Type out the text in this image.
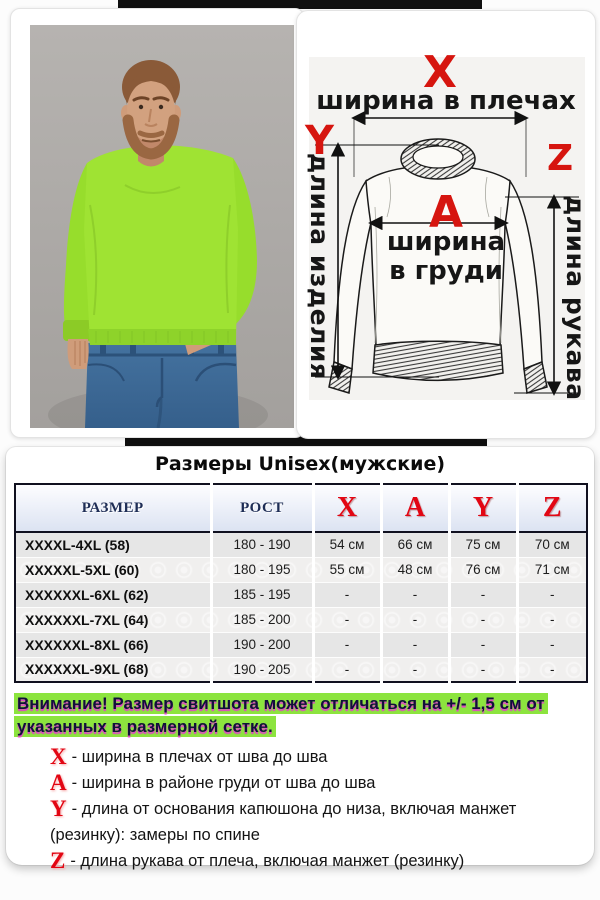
X
ширина в плечах
Y
длина изделия	Z
длина рукава
A
ширина
в груди
Размеры Unisex(мужские)
РАЗМЕР	РОСТ	X	A	Y	Z
XXXXL-4XL (58)	180 - 190	54 см	66 см	75 см	70 см
XXXXXL-5XL (60)	180 - 195	55 см	48 см	76 см	71 см
XXXXXXL-6XL (62)	185 - 195	-	-	-	-
XXXXXXL-7XL (64)	185 - 200	-	-	-	-
XXXXXXL-8XL (66)	190 - 200	-	-	-	-
XXXXXXL-9XL (68)	190 - 205	-	-	-	-
Внимание! Размер свитшота может отличаться на +/- 1,5 см от указанных в размерной сетке.
X - ширина в плечах от шва до шва
A - ширина в районе груди от шва до шва
Y - длина от основания капюшона до низа, включая манжет (резинку): замеры по спине
Z - длина рукава от плеча, включая манжет (резинку)
